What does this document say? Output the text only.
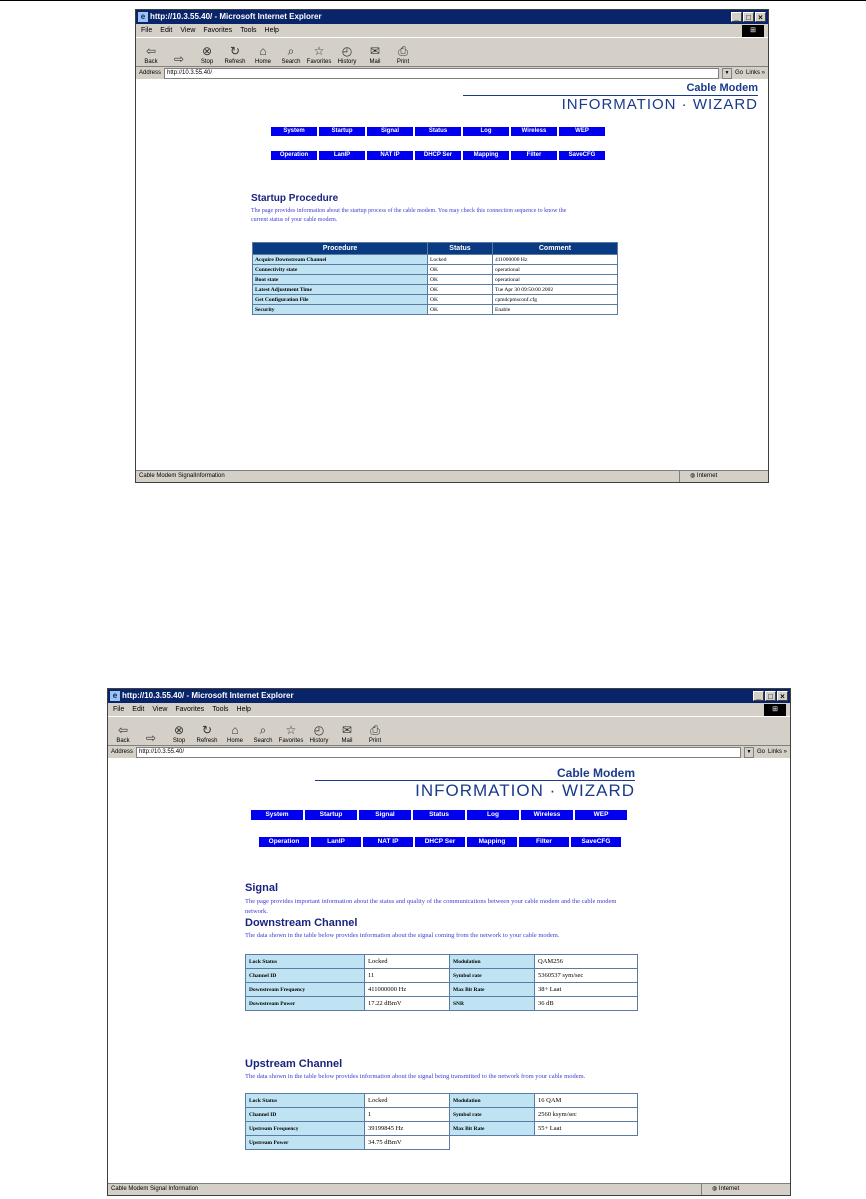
e http://10.3.55.40/ - Microsoft Internet Explorer	_ □ ×
File Edit View Favorites Tools Help	⊞
⇦
Back ⇨
⊗
Stop
↻
Refresh
⌂
Home
⌕
Search
☆
Favorites
◴
History
✉
Mail
⎙
Print
Address	http://10.3.55.40/	▼ Go Links »
Cable Modem
INFORMATION · WIZARD
System	Startup	Signal	Status	Log	Wireless	WEP
Operation	LanIP	NAT IP	DHCP Ser	Mapping	Filter	SaveCFG
Startup Procedure
The page provides information about the startup process of the cable modem. You may check this connection sequence to know the current status of your cable modem.
Procedure	Status	Comment
Acquire Downstream Channel	Locked	411000000 Hz
Connectivity state	OK	operational
Boot state	OK	operational
Latest Adjustment Time	OK	Tue Apr 30 09:50:00 2002
Get Configuration File	OK	cpmdcpmsconf.cfg
Security	OK	Enable
Cable Modem SignalInformation	◍ Internet
e http://10.3.55.40/ - Microsoft Internet Explorer	_ □ ×
File Edit View Favorites Tools Help	⊞
⇦
Back ⇨
⊗
Stop
↻
Refresh
⌂
Home
⌕
Search
☆
Favorites
◴
History
✉
Mail
⎙
Print
Address	http://10.3.55.40/	▼ Go Links »
Cable Modem
INFORMATION · WIZARD
System	Startup	Signal	Status	Log	Wireless	WEP
Operation	LanIP	NAT IP	DHCP Ser	Mapping	Filter	SaveCFG
Signal
The page provides important information about the status and quality of the communications between your cable modem and the cable modem network.
Downstream Channel
The data shown in the table below provides information about the signal coming from the network to your cable modem.
Lock Status	Locked	Modulation	QAM256
Channel ID	11	Symbol rate	5360537 sym/sec
Downstream Frequency	411000000 Hz	Max Bit Rate	38+ Laat
Downstream Power	17.22 dBmV	SNR	36 dB
Upstream Channel
The data shown in the table below provides information about the signal being transmitted to the network from your cable modem.
Lock Status	Locked	Modulation	16 QAM
Channel ID	1	Symbol rate	2560 ksym/sec
Upstream Frequency	39199845 Hz	Max Bit Rate	55+ Laat
Upstream Power	34.75 dBmV		
Cable Modem Signal Information	◍ Internet
